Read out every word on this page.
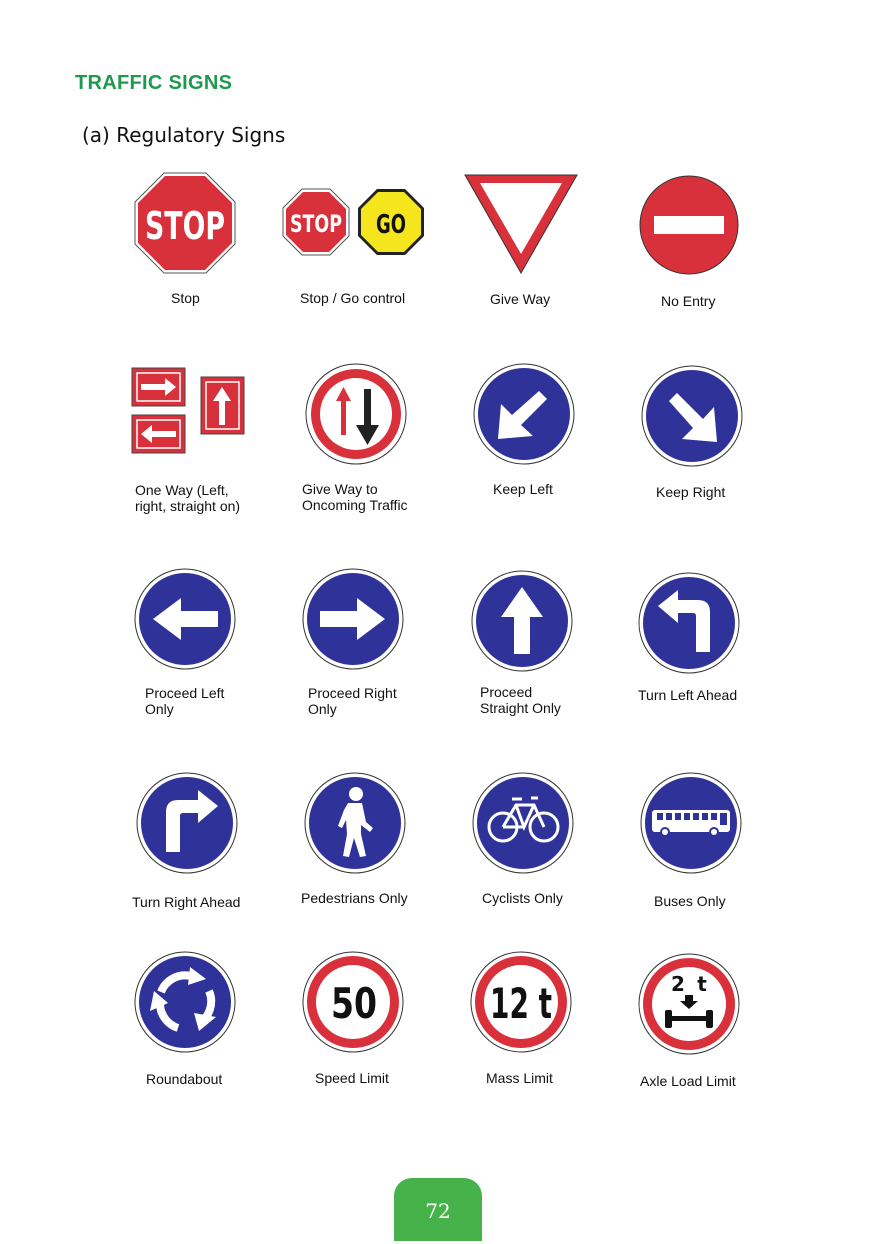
TRAFFIC SIGNS
(a) Regulatory Signs
STOP
Stop
STOP GO
Stop / Go control	Give Way	No Entry
One Way (Left,
right, straight on)
Give Way to
Oncoming Traffic
Keep Left	Keep Right
Proceed Left
Only
Proceed Right
Only
Proceed
Straight Only
Turn Left Ahead
Turn Right Ahead	Pedestrians Only	Cyclists Only	Buses Only
Roundabout
50
Speed Limit
12 t
Mass Limit
2 t
Axle Load Limit
72
